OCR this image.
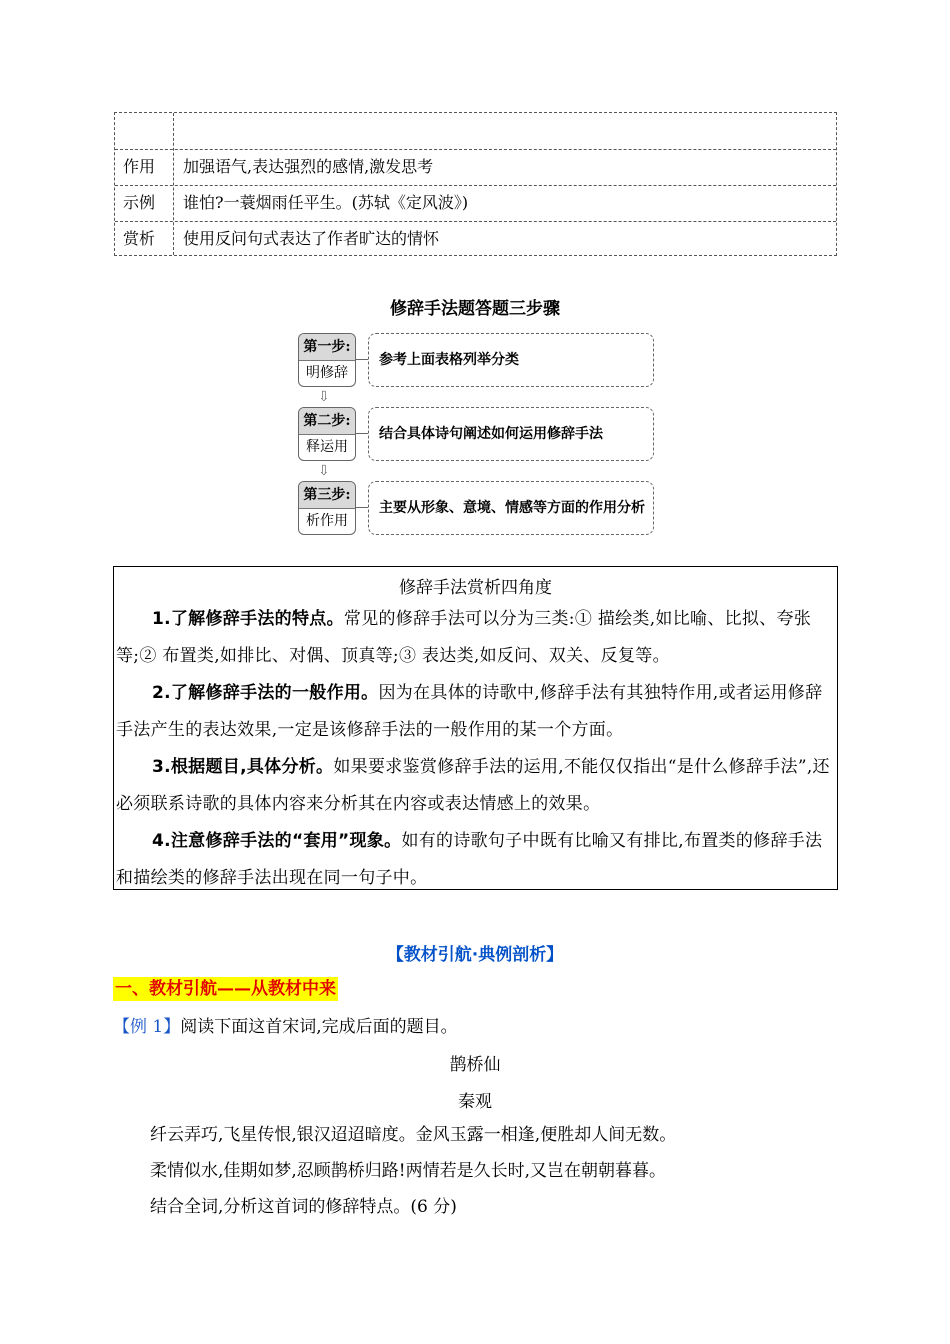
作用 加强语气,表达强烈的感情,激发思考
示例 谁怕?一蓑烟雨任平生。(苏轼《定风波》)
赏析 使用反问句式表达了作者旷达的情怀
修辞手法题答题三步骤
第一步:
明修辞
参考上面表格列举分类
⇩
第二步:
释运用
结合具体诗句阐述如何运用修辞手法
⇩
第三步:
析作用
主要从形象、意境、情感等方面的作用分析
修辞手法赏析四角度
1.了解修辞手法的特点。常见的修辞手法可以分为三类:① 描绘类,如比喻、比拟、夸张等;② 布置类,如排比、对偶、顶真等;③ 表达类,如反问、双关、反复等。
2.了解修辞手法的一般作用。因为在具体的诗歌中,修辞手法有其独特作用,或者运用修辞手法产生的表达效果,一定是该修辞手法的一般作用的某一个方面。
3.根据题目,具体分析。如果要求鉴赏修辞手法的运用,不能仅仅指出“是什么修辞手法”,还必须联系诗歌的具体内容来分析其在内容或表达情感上的效果。
4.注意修辞手法的“套用”现象。如有的诗歌句子中既有比喻又有排比,布置类的修辞手法和描绘类的修辞手法出现在同一句子中。
【教材引航·典例剖析】
一、教材引航——从教材中来
【例 1】阅读下面这首宋词,完成后面的题目。
鹊桥仙
秦观
纤云弄巧,飞星传恨,银汉迢迢暗度。金风玉露一相逢,便胜却人间无数。
柔情似水,佳期如梦,忍顾鹊桥归路!两情若是久长时,又岂在朝朝暮暮。
结合全词,分析这首词的修辞特点。(6 分)
